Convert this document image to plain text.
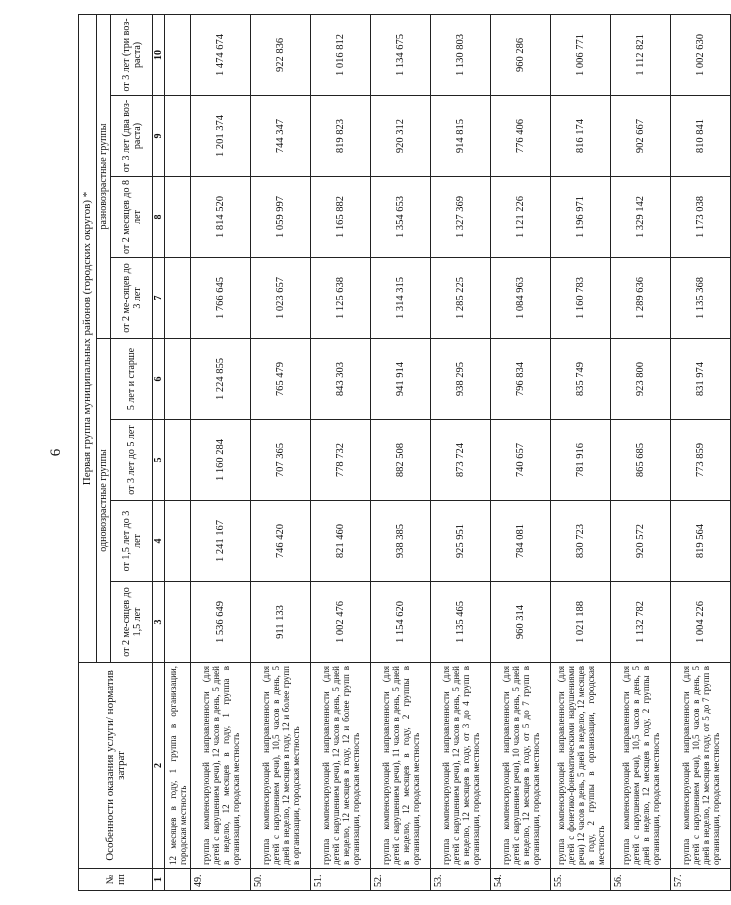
6
№ пп	Особенности оказания услуги/ норматив затрат	Первая группа муниципальных районов (городских округов) *							
		одновозрастные группы				разновозрастные группы			
		от 2 ме-сяцев до 1,5 лет	от 1,5 лет до 3 лет	от 3 лет до 5 лет	5 лет и старше	от 2 ме-сяцев до 3 лет	от 2 месяцев до 8 лет	от 3 лет (два воз-раста)	от 3 лет (три воз-раста)
1	2	3	4	5	6	7	8	9	10
	12 месяцев в году, 1 группа в организации, городская местность								
49.	группа компенсирующей направленности (для детей с нарушением речи), 12 часов в день, 5 дней в неделю, 12 месяцев в году, 1 группа в организации, городская местность	1 536 649	1 241 167	1 160 284	1 224 855	1 766 645	1 814 520	1 201 374	1 474 674
50.	группа компенсирующей направленности (для детей с нарушением речи), 10,5 часов в день, 5 дней в неделю, 12 месяцев в году, 12 и более групп в организации, городская местность	911 133	746 420	707 365	765 479	1 023 657	1 059 997	744 347	922 836
51.	группа компенсирующей направленности (для детей с нарушением речи), 12 часов в день, 5 дней в неделю, 12 месяцев в году, 12 и более групп в организации, городская местность	1 002 476	821 460	778 732	843 303	1 125 638	1 165 882	819 823	1 016 812
52.	группа компенсирующей направленности (для детей с нарушением речи), 11 часов в день, 5 дней в неделю, 12 месяцев в году, 2 группы в организации, городская местность	1 154 620	938 385	882 508	941 914	1 314 315	1 354 653	920 312	1 134 675
53.	группа компенсирующей направленности (для детей с нарушением речи), 12 часов в день, 5 дней в неделю, 12 месяцев в году, от 3 до 4 групп в организации, городская местность	1 135 465	925 951	873 724	938 295	1 285 225	1 327 369	914 815	1 130 803
54.	группа компенсирующей направленности (для детей с нарушением речи), 10 часов в день, 5 дней в неделю, 12 месяцев в году, от 5 до 7 групп в организации, городская местность	960 314	784 081	740 657	796 834	1 084 963	1 121 226	776 406	960 286
55.	группа компенсирующей направленности (для детей с фонетико-фонематическими нарушениями речи) 12 часов в день, 5 дней в неделю, 12 месяцев в году, 2 группы в организации, городская местность	1 021 188	830 723	781 916	835 749	1 160 783	1 196 971	816 174	1 006 771
56.	группа компенсирующей направленности (для детей с нарушением речи), 10,5 часов в день, 5 дней в неделю, 12 месяцев в году, 2 группы в организации, городская местность	1 132 782	920 572	865 685	923 800	1 289 636	1 329 142	902 667	1 112 821
57.	группа компенсирующей направленности (для детей с нарушением речи), 10,5 часов в день, 5 дней в неделю, 12 месяцев в году, от 5 до 7 групп в организации, городская местность	1 004 226	819 564	773 859	831 974	1 135 368	1 173 038	810 841	1 002 630
